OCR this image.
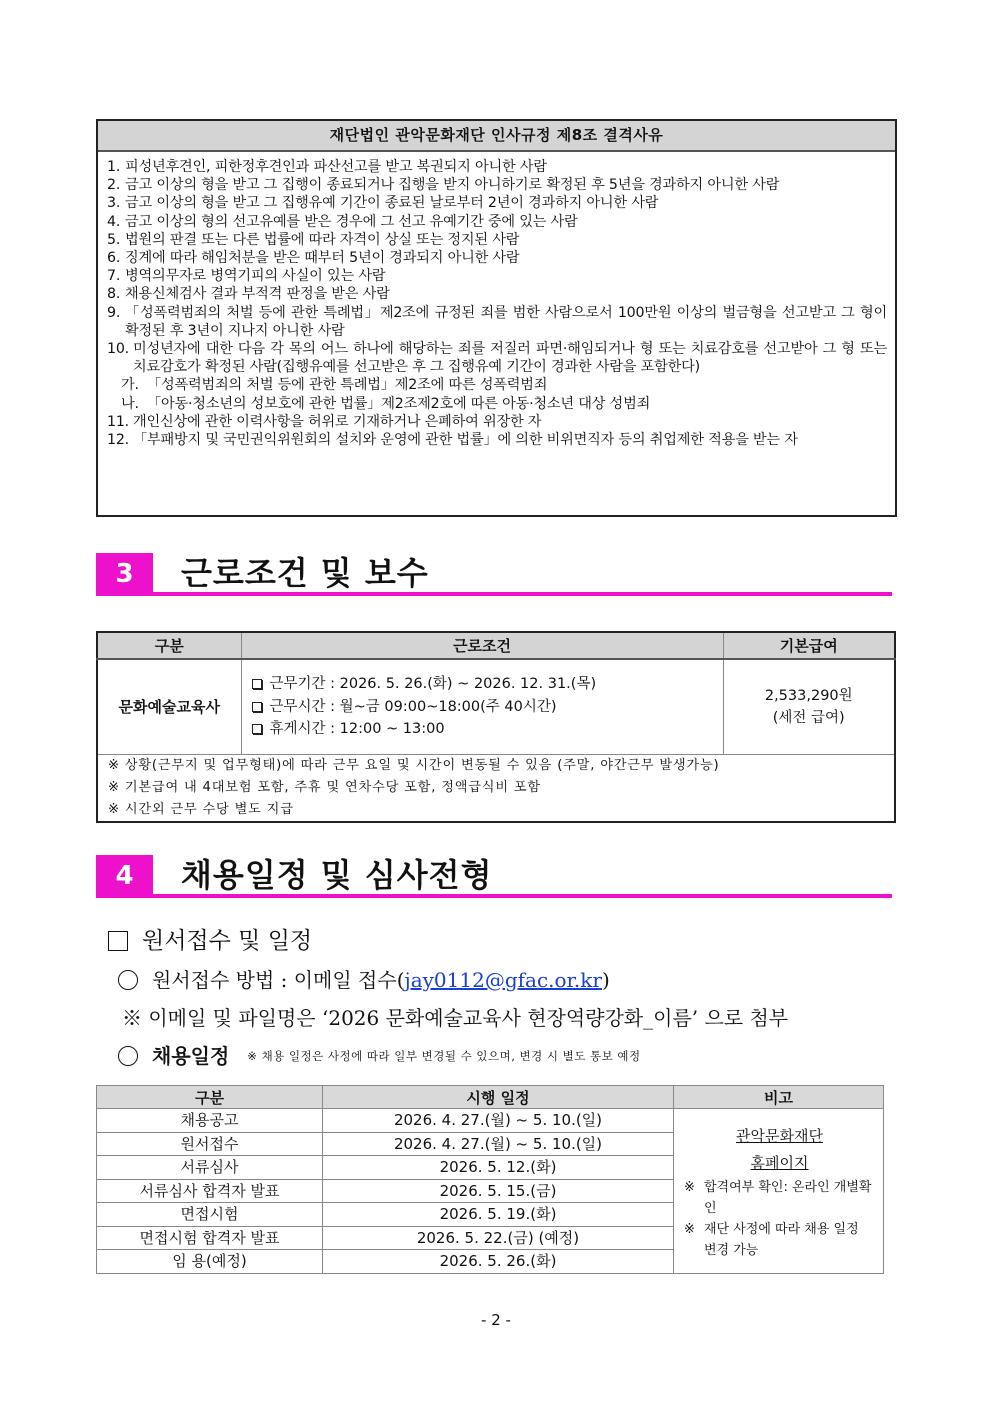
재단법인 관악문화재단 인사규정 제8조 결격사유
1. 피성년후견인, 피한정후견인과 파산선고를 받고 복권되지 아니한 사람
2. 금고 이상의 형을 받고 그 집행이 종료되거나 집행을 받지 아니하기로 확정된 후 5년을 경과하지 아니한 사람
3. 금고 이상의 형을 받고 그 집행유예 기간이 종료된 날로부터 2년이 경과하지 아니한 사람
4. 금고 이상의 형의 선고유예를 받은 경우에 그 선고 유예기간 중에 있는 사람
5. 법원의 판결 또는 다른 법률에 따라 자격이 상실 또는 정지된 사람
6. 징계에 따라 해임처분을 받은 때부터 5년이 경과되지 아니한 사람
7. 병역의무자로 병역기피의 사실이 있는 사람
8. 채용신체검사 결과 부적격 판정을 받은 사람
9. 「성폭력범죄의 처벌 등에 관한 특례법」제2조에 규정된 죄를 범한 사람으로서 100만원 이상의 벌금형을 선고받고 그 형이 확정된 후 3년이 지나지 아니한 사람
10. 미성년자에 대한 다음 각 목의 어느 하나에 해당하는 죄를 저질러 파면·해임되거나 형 또는 치료감호를 선고받아 그 형 또는 치료감호가 확정된 사람(집행유예를 선고받은 후 그 집행유예 기간이 경과한 사람을 포함한다)
가. 「성폭력범죄의 처벌 등에 관한 특례법」제2조에 따른 성폭력범죄
나. 「아동·청소년의 성보호에 관한 법률」제2조제2호에 따른 아동·청소년 대상 성범죄
11. 개인신상에 관한 이력사항을 허위로 기재하거나 은폐하여 위장한 자
12. 「부패방지 및 국민권익위원회의 설치와 운영에 관한 법률」에 의한 비위면직자 등의 취업제한 적용을 받는 자
3	근로조건 및 보수
구분	근로조건	기본급여
문화예술교육사	
근무기간 : 2026. 5. 26.(화) ~ 2026. 12. 31.(목)
근무시간 : 월~금 09:00~18:00(주 40시간)
휴게시간 : 12:00 ~ 13:00

2,533,290원
(세전 급여)

※ 상황(근무지 및 업무형태)에 따라 근무 요일 및 시간이 변동될 수 있음 (주말, 야간근무 발생가능)
※ 기본급여 내 4대보험 포함, 주휴 및 연차수당 포함, 정액급식비 포함
※ 시간외 근무 수당 별도 지급		
4	채용일정 및 심사전형
원서접수 및 일정
원서접수 방법 : 이메일 접수( jay0112@gfac.or.kr )
※ 이메일 및 파일명은 ‘2026 문화예술교육사 현장역량강화_이름’ 으로 첨부
채용일정 ※ 채용 일정은 사정에 따라 일부 변경될 수 있으며, 변경 시 별도 통보 예정
구분	시행 일정	비고
채용공고	2026. 4. 27.(월) ~ 5. 10.(일)	
관악문화재단
홈페이지
※ 합격여부 확인: 온라인 개별확인
※ 재단 사정에 따라 채용 일정 변경 가능

원서접수	2026. 4. 27.(월) ~ 5. 10.(일)	
서류심사	2026. 5. 12.(화)	
서류심사 합격자 발표	2026. 5. 15.(금)	
면접시험	2026. 5. 19.(화)	
면접시험 합격자 발표	2026. 5. 22.(금) (예정)	
임 용(예정)	2026. 5. 26.(화)	
- 2 -
